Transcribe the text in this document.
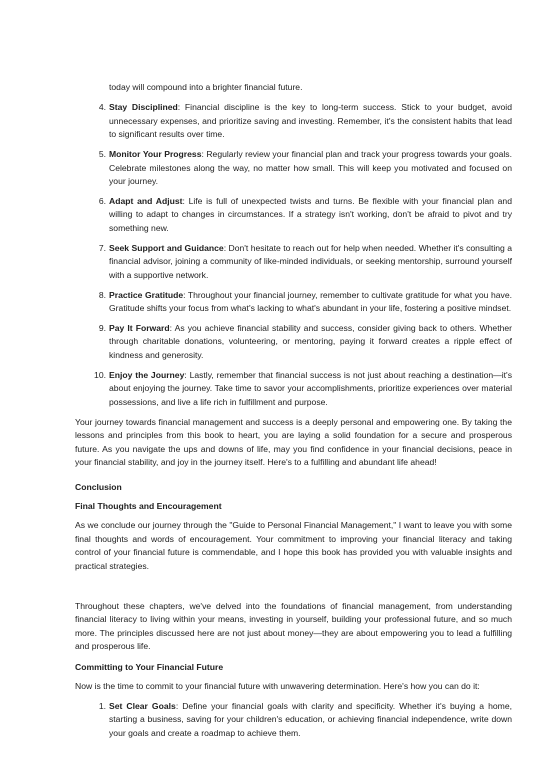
today will compound into a brighter financial future.

4. Stay Disciplined: Financial discipline is the key to long-term success. Stick to your budget, avoid unnecessary expenses, and prioritize saving and investing. Remember, it's the consistent habits that lead to significant results over time.
5. Monitor Your Progress: Regularly review your financial plan and track your progress towards your goals. Celebrate milestones along the way, no matter how small. This will keep you motivated and focused on your journey.
6. Adapt and Adjust: Life is full of unexpected twists and turns. Be flexible with your financial plan and willing to adapt to changes in circumstances. If a strategy isn't working, don't be afraid to pivot and try something new.
7. Seek Support and Guidance: Don't hesitate to reach out for help when needed. Whether it's consulting a financial advisor, joining a community of like-minded individuals, or seeking mentorship, surround yourself with a supportive network.
8. Practice Gratitude: Throughout your financial journey, remember to cultivate gratitude for what you have. Gratitude shifts your focus from what's lacking to what's abundant in your life, fostering a positive mindset.
9. Pay It Forward: As you achieve financial stability and success, consider giving back to others. Whether through charitable donations, volunteering, or mentoring, paying it forward creates a ripple effect of kindness and generosity.
10. Enjoy the Journey: Lastly, remember that financial success is not just about reaching a destination—it's about enjoying the journey. Take time to savor your accomplishments, prioritize experiences over material possessions, and live a life rich in fulfillment and purpose.

Your journey towards financial management and success is a deeply personal and empowering one. By taking the lessons and principles from this book to heart, you are laying a solid foundation for a secure and prosperous future. As you navigate the ups and downs of life, may you find confidence in your financial decisions, peace in your financial stability, and joy in the journey itself. Here's to a fulfilling and abundant life ahead!

Conclusion
Final Thoughts and Encouragement

As we conclude our journey through the "Guide to Personal Financial Management," I want to leave you with some final thoughts and words of encouragement. Your commitment to improving your financial literacy and taking control of your financial future is commendable, and I hope this book has provided you with valuable insights and practical strategies.

Throughout these chapters, we've delved into the foundations of financial management, from understanding financial literacy to living within your means, investing in yourself, building your professional future, and so much more. The principles discussed here are not just about money—they are about empowering you to lead a fulfilling and prosperous life.

Committing to Your Financial Future

Now is the time to commit to your financial future with unwavering determination. Here's how you can do it:

1. Set Clear Goals: Define your financial goals with clarity and specificity. Whether it's buying a home, starting a business, saving for your children's education, or achieving financial independence, write down your goals and create a roadmap to achieve them.
